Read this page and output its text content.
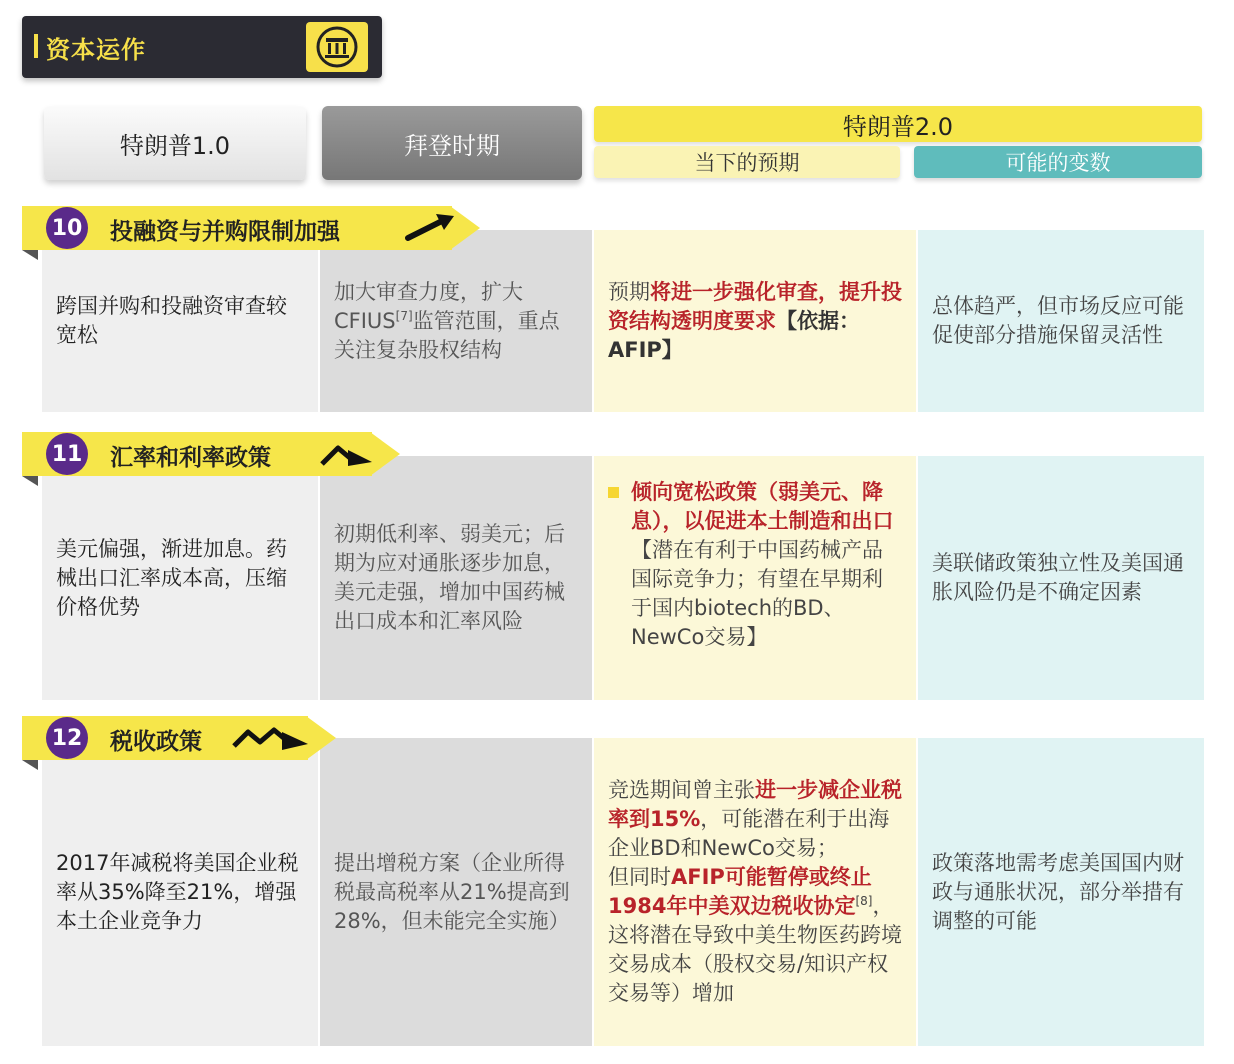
资本运作
特朗普1.0	拜登时期
特朗普2.0
当下的预期	可能的变数
跨国并购和投融资审查较宽松
加大审查力度，扩大CFIUS[7]监管范围，重点关注复杂股权结构
预期将进一步强化审查，提升投资结构透明度要求【依据：AFIP】
总体趋严，但市场反应可能促使部分措施保留灵活性
10 投融资与并购限制加强
美元偏强，渐进加息。药械出口汇率成本高，压缩价格优势
初期低利率、弱美元；后期为应对通胀逐步加息，美元走强，增加中国药械出口成本和汇率风险
倾向宽松政策（弱美元、降息），以促进本土制造和出口【潜在有利于中国药械产品国际竞争力；有望在早期利于国内biotech的BD、NewCo交易】
美联储政策独立性及美国通胀风险仍是不确定因素
11 汇率和利率政策
2017年减税将美国企业税率从35%降至21%，增强本土企业竞争力
提出增税方案（企业所得税最高税率从21%提高到28%，但未能完全实施）
竞选期间曾主张进一步减企业税率到15%，可能潜在利于出海企业BD和NewCo交易；
但同时AFIP可能暂停或终止1984年中美双边税收协定[8]，这将潜在导致中美生物医药跨境交易成本（股权交易/知识产权交易等）增加
政策落地需考虑美国国内财政与通胀状况，部分举措有调整的可能
12 税收政策
